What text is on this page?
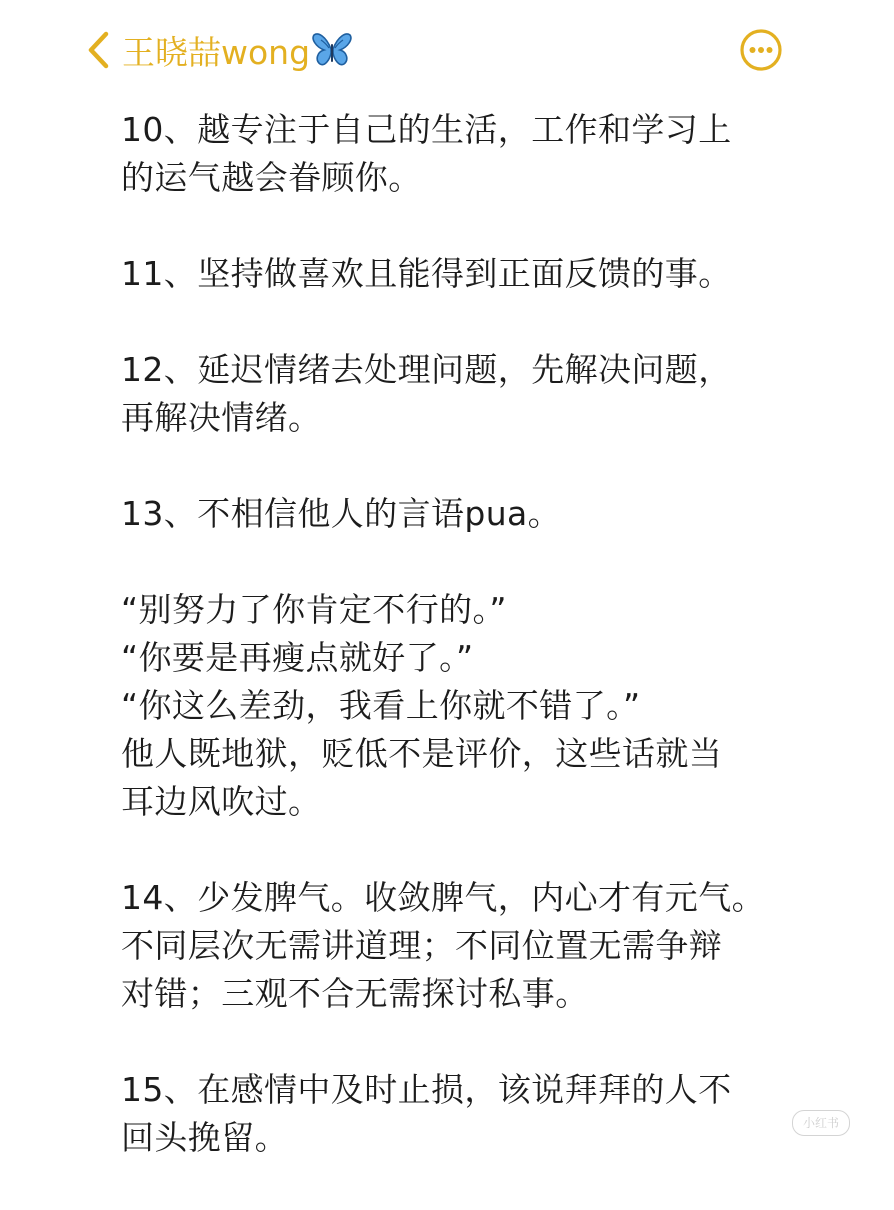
王晓喆wong
10、越专注于自己的生活，工作和学习上
的运气越会眷顾你。
11、坚持做喜欢且能得到正面反馈的事。
12、延迟情绪去处理问题，先解决问题，
再解决情绪。
13、不相信他人的言语pua。
“别努力了你肯定不行的。”
“你要是再瘦点就好了。”
“你这么差劲，我看上你就不错了。”
他人既地狱，贬低不是评价，这些话就当
耳边风吹过。
14、少发脾气。收敛脾气，内心才有元气。
不同层次无需讲道理；不同位置无需争辩
对错；三观不合无需探讨私事。
15、在感情中及时止损，该说拜拜的人不
回头挽留。	小红书
